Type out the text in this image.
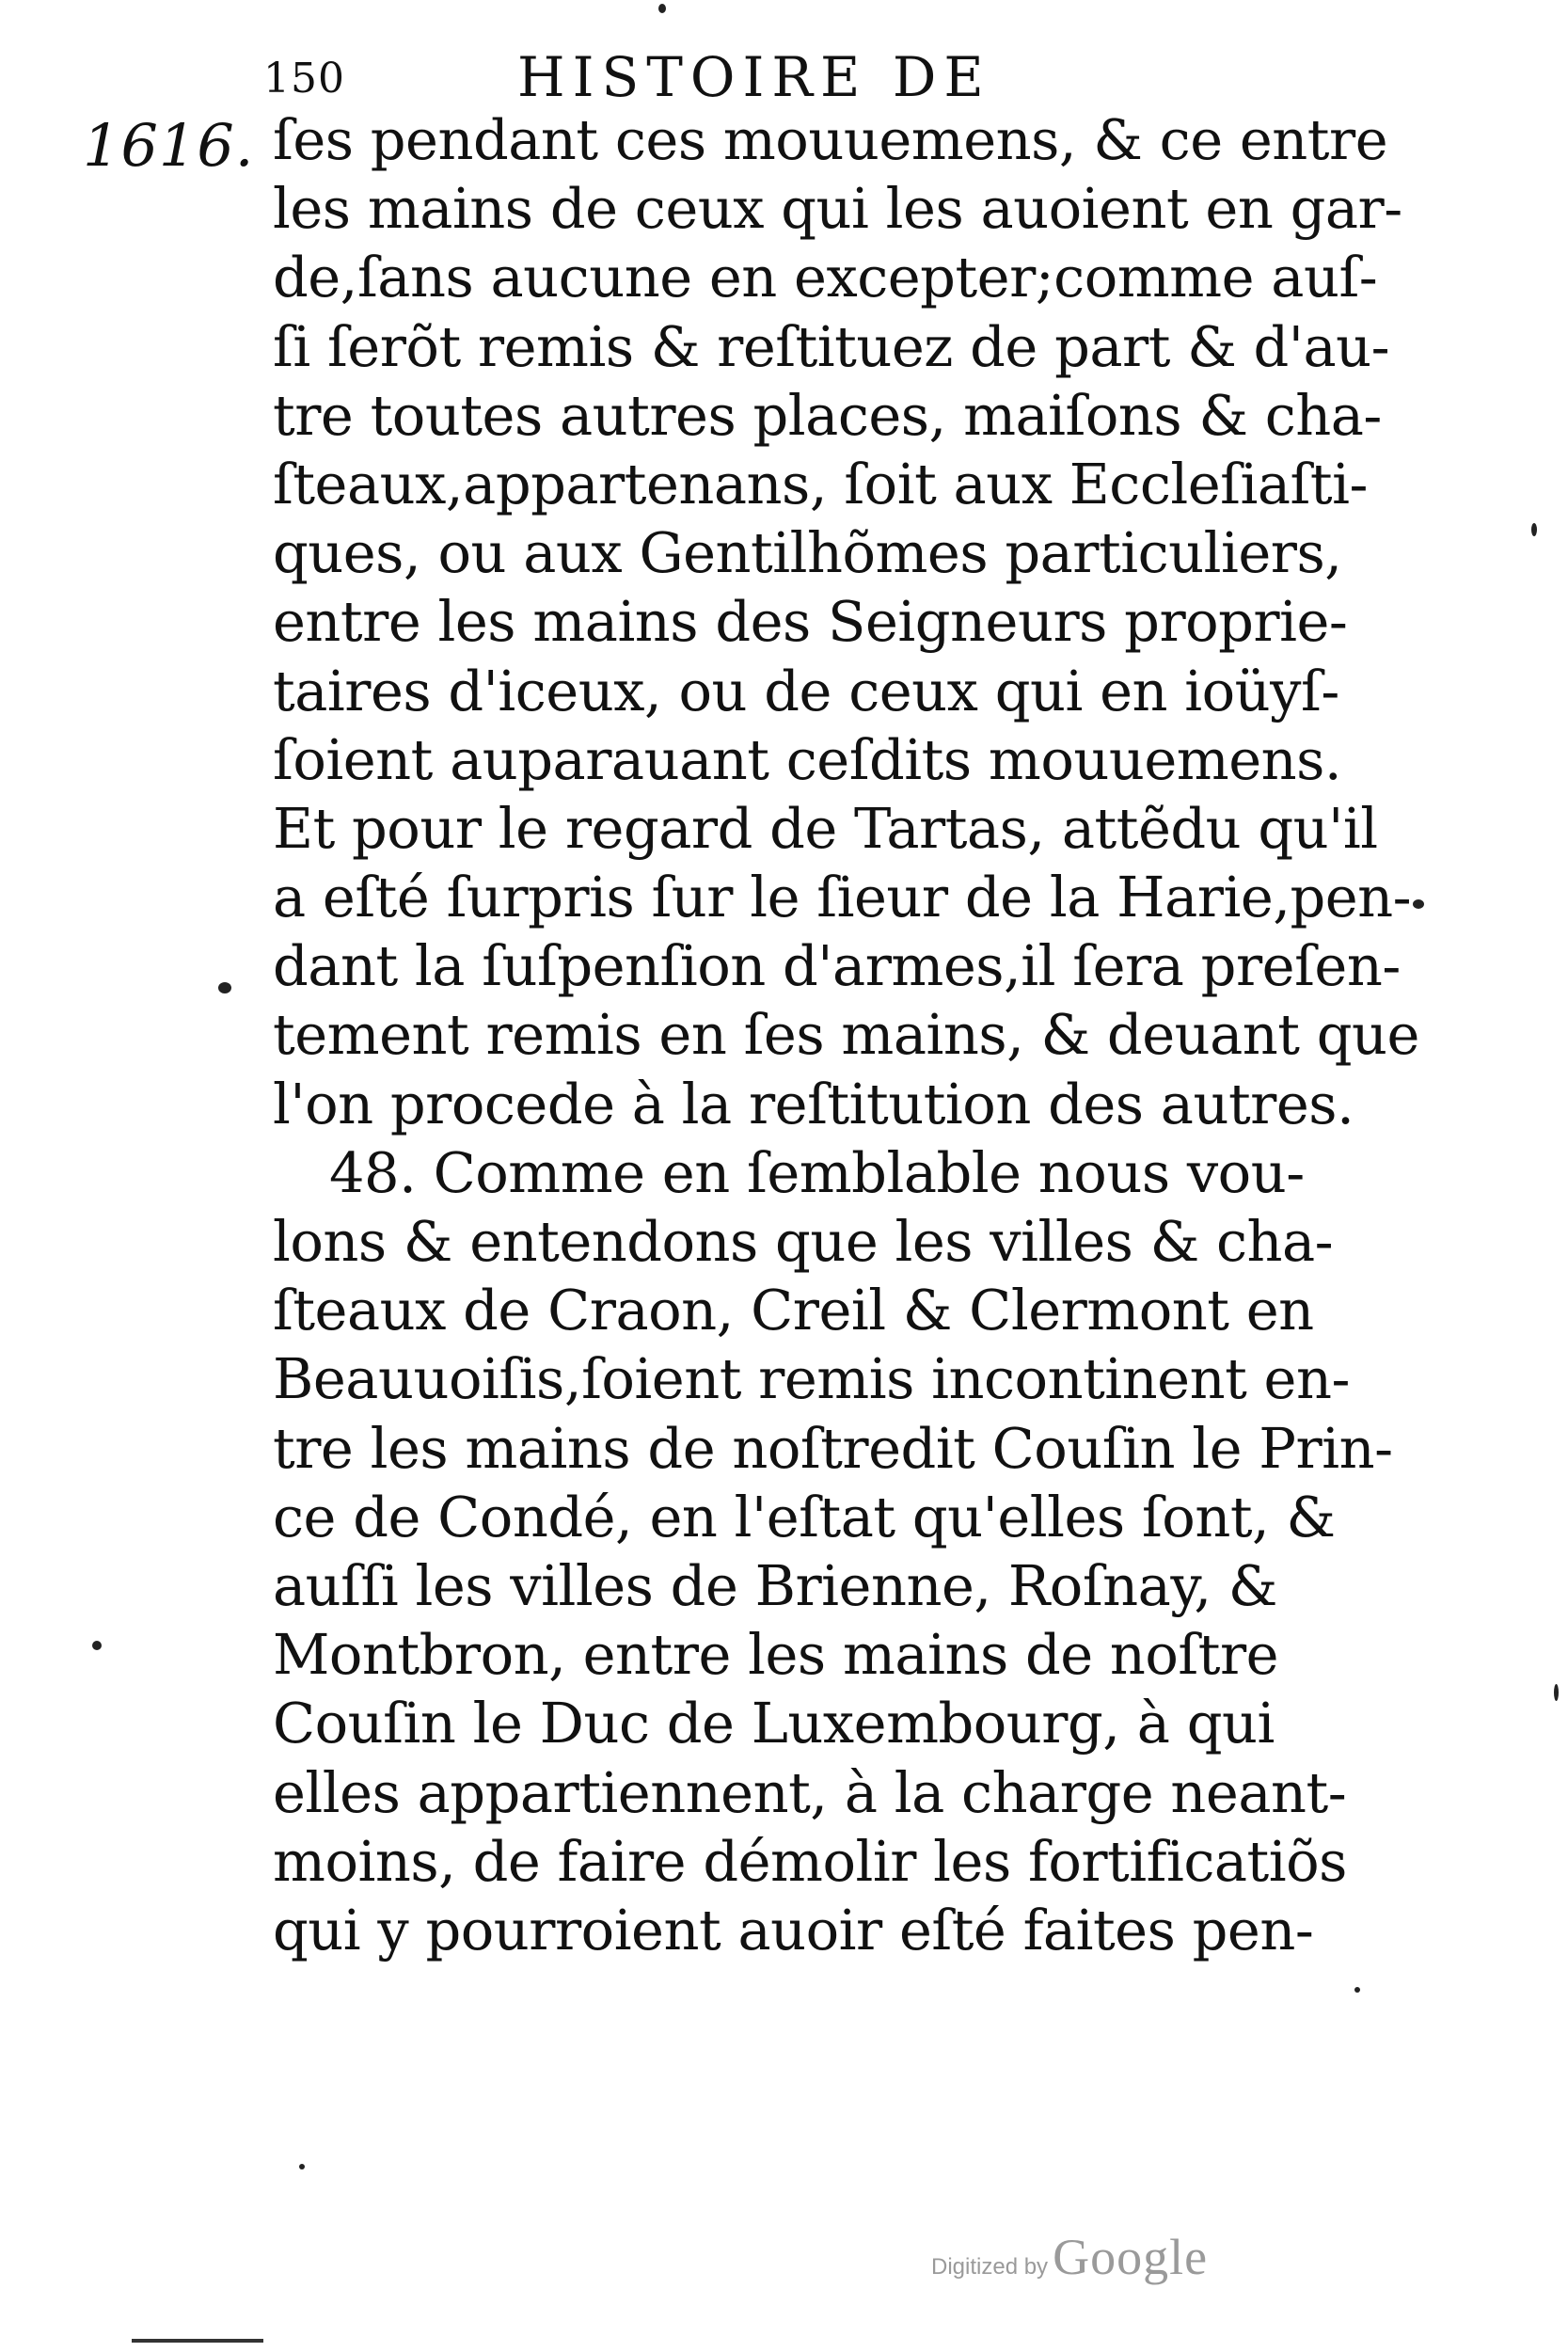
150	HISTOIRE DE
1616. ſes pendant ces mouuemens, & ce entre
les mains de ceux qui les auoient en gar-
de,ſans aucune en excepter;comme auſ-
ſi ſerõt remis & reſtituez de part & d'au-
tre toutes autres places, maiſons & cha-
ſteaux,appartenans, ſoit aux Eccleſiaſti-
ques, ou aux Gentilhõmes particuliers,
entre les mains des Seigneurs proprie-
taires d'iceux, ou de ceux qui en ioüyſ-
ſoient auparauant ceſdits mouuemens.
Et pour le regard de Tartas, attẽdu qu'il
a eſté ſurpris ſur le ſieur de la Harie,pen-
dant la ſuſpenſion d'armes,il ſera preſen-
tement remis en ſes mains, & deuant que
l'on procede à la reſtitution des autres.
48. Comme en ſemblable nous vou-
lons & entendons que les villes & cha-
ſteaux de Craon, Creil & Clermont en
Beauuoiſis,ſoient remis incontinent en-
tre les mains de noſtredit Couſin le Prin-
ce de Condé, en l'eſtat qu'elles ſont, &
auſſi les villes de Brienne, Roſnay, &
Montbron, entre les mains de noſtre
Couſin le Duc de Luxembourg, à qui
elles appartiennent, à la charge neant-
moins, de faire démolir les fortificatiõs
qui y pourroient auoir eſté faites pen-
Digitized by Google
